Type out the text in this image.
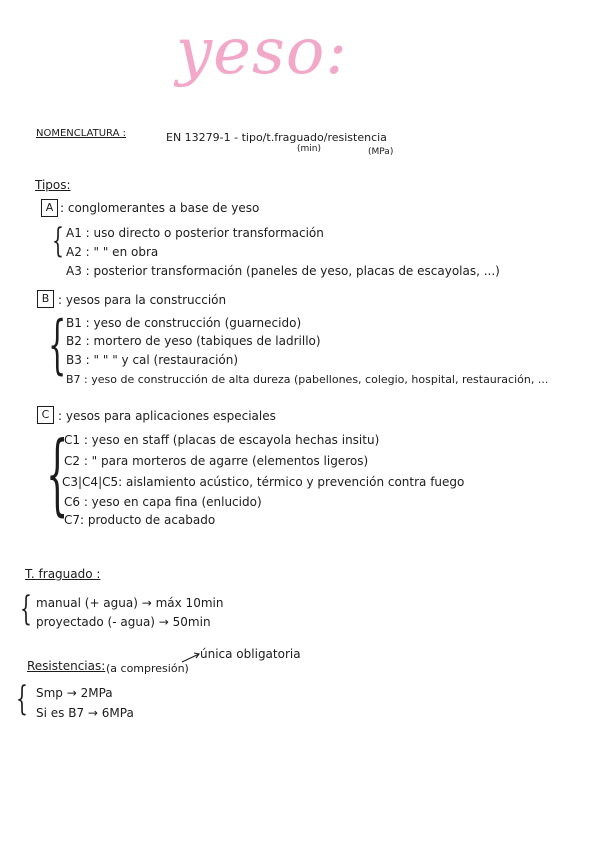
yeso:
NOMENCLATURA :	EN 13279-1 - tipo/t.fraguado/resistencia
(min)	(MPa)
Tipos:
A : conglomerantes a base de yeso
{ A1 : uso directo o posterior transformación
A2 : " " en obra
A3 : posterior transformación (paneles de yeso, placas de escayolas, ...)
B : yesos para la construcción
{ B1 : yeso de construcción (guarnecido)
B2 : mortero de yeso (tabiques de ladrillo)
B3 : " " " y cal (restauración)
B7 : yeso de construcción de alta dureza (pabellones, colegio, hospital, restauración, ...
C : yesos para aplicaciones especiales
{
C1 : yeso en staff (placas de escayola hechas insitu)
C2 : " para morteros de agarre (elementos ligeros)
C3|C4|C5: aislamiento acústico, térmico y prevención contra fuego
C6 : yeso en capa fina (enlucido)
C7: producto de acabado
T. fraguado :
{ manual (+ agua) → máx 10min
proyectado (- agua) → 50min
única obligatoria
Resistencias: (a compresión)
{ Smp → 2MPa
Si es B7 → 6MPa
